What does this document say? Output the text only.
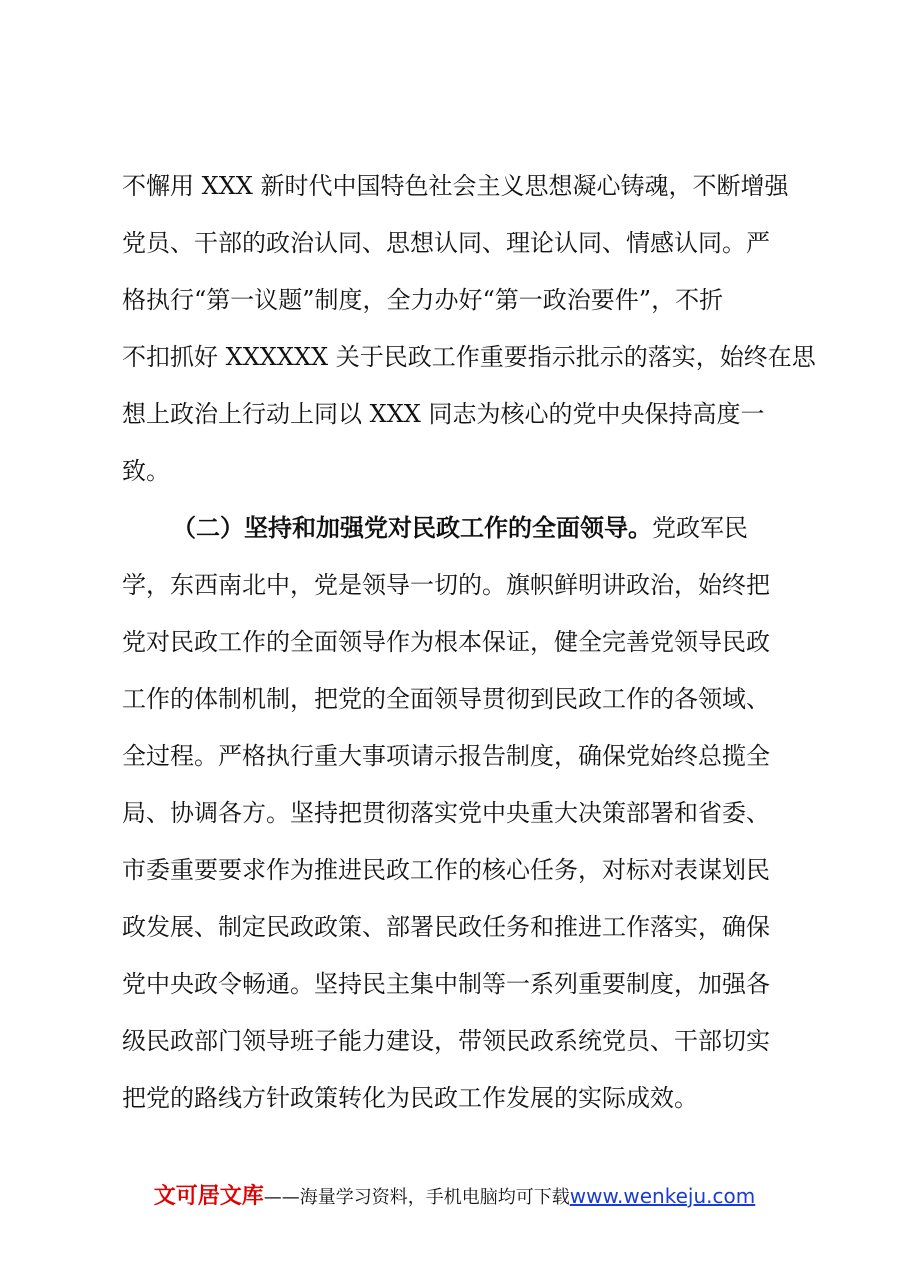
不懈用 XXX 新时代中国特色社会主义思想凝心铸魂，不断增强
党员、干部的政治认同、思想认同、理论认同、情感认同。严
格执行“第一议题”制度，全力办好“第一政治要件”，不折
不扣抓好 XXXXXX 关于民政工作重要指示批示的落实，始终在思
想上政治上行动上同以 XXX 同志为核心的党中央保持高度一
致。
（二）坚持和加强党对民政工作的全面领导。党政军民
学，东西南北中，党是领导一切的。旗帜鲜明讲政治，始终把
党对民政工作的全面领导作为根本保证，健全完善党领导民政
工作的体制机制，把党的全面领导贯彻到民政工作的各领域、
全过程。严格执行重大事项请示报告制度，确保党始终总揽全
局、协调各方。坚持把贯彻落实党中央重大决策部署和省委、
市委重要要求作为推进民政工作的核心任务，对标对表谋划民
政发展、制定民政政策、部署民政任务和推进工作落实，确保
党中央政令畅通。坚持民主集中制等一系列重要制度，加强各
级民政部门领导班子能力建设，带领民政系统党员、干部切实
把党的路线方针政策转化为民政工作发展的实际成效。
文可居文库——海量学习资料，手机电脑均可下载www.wenkeju.com
